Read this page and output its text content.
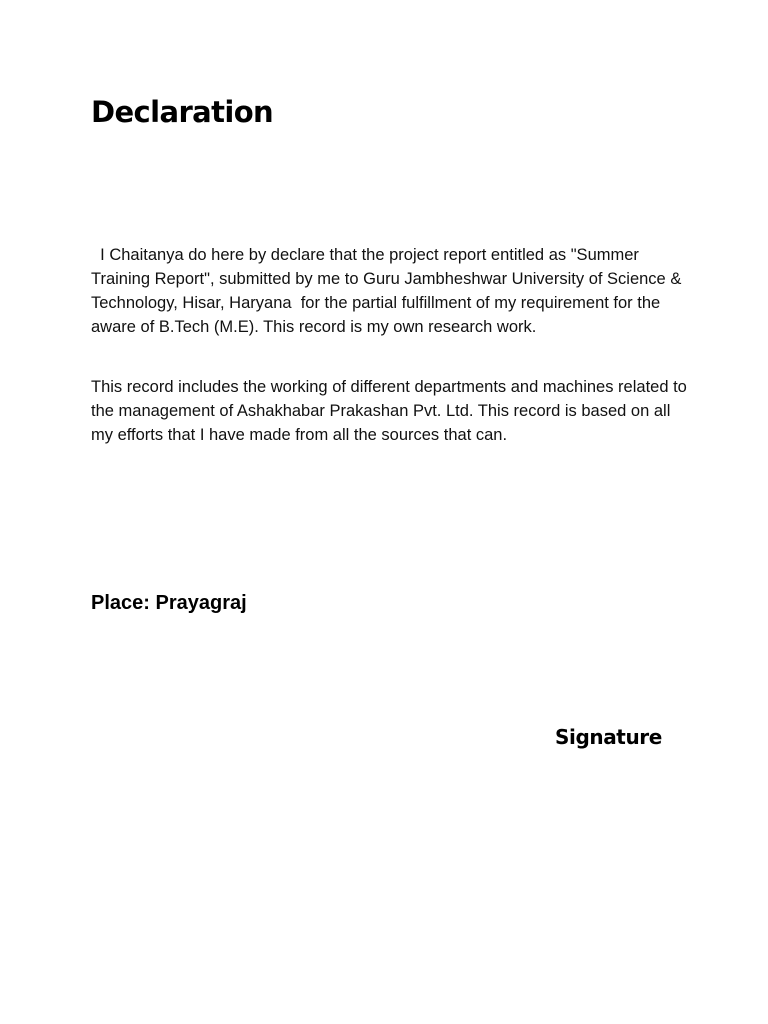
Declaration

I Chaitanya do here by declare that the project report entitled as "Summer Training Report", submitted by me to Guru Jambheshwar University of Science & Technology, Hisar, Haryana  for the partial fulfillment of my requirement for the aware of B.Tech (M.E). This record is my own research work.

This record includes the working of different departments and machines related to the management of Ashakhabar Prakashan Pvt. Ltd. This record is based on all my efforts that I have made from all the sources that can.

Place: Prayagraj

Signature
